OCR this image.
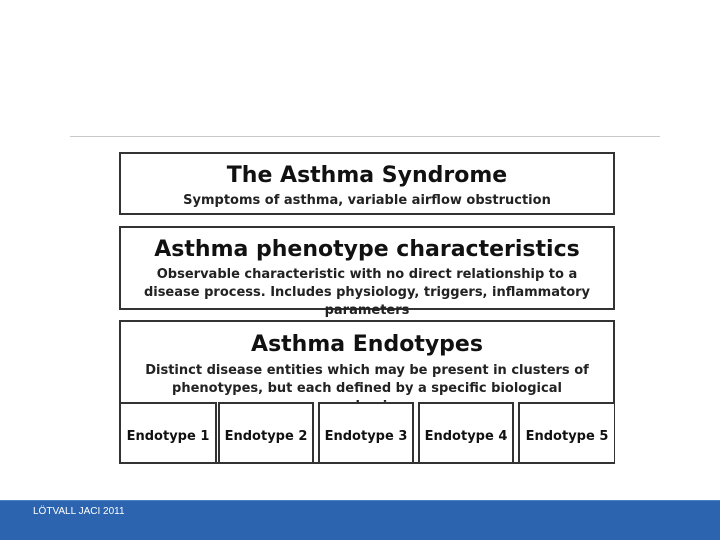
The Asthma Syndrome
Symptoms of asthma, variable airflow obstruction
Asthma phenotype characteristics
Observable characteristic with no direct relationship to a disease process. Includes physiology, triggers, inflammatory parameters
Asthma Endotypes
Distinct disease entities which may be present in clusters of phenotypes, but each defined by a specific biological
Endotype 1	Endotype 2	Endotype 3	Endotype 4	Endotype 5
LÖTVALL JACI 2011
